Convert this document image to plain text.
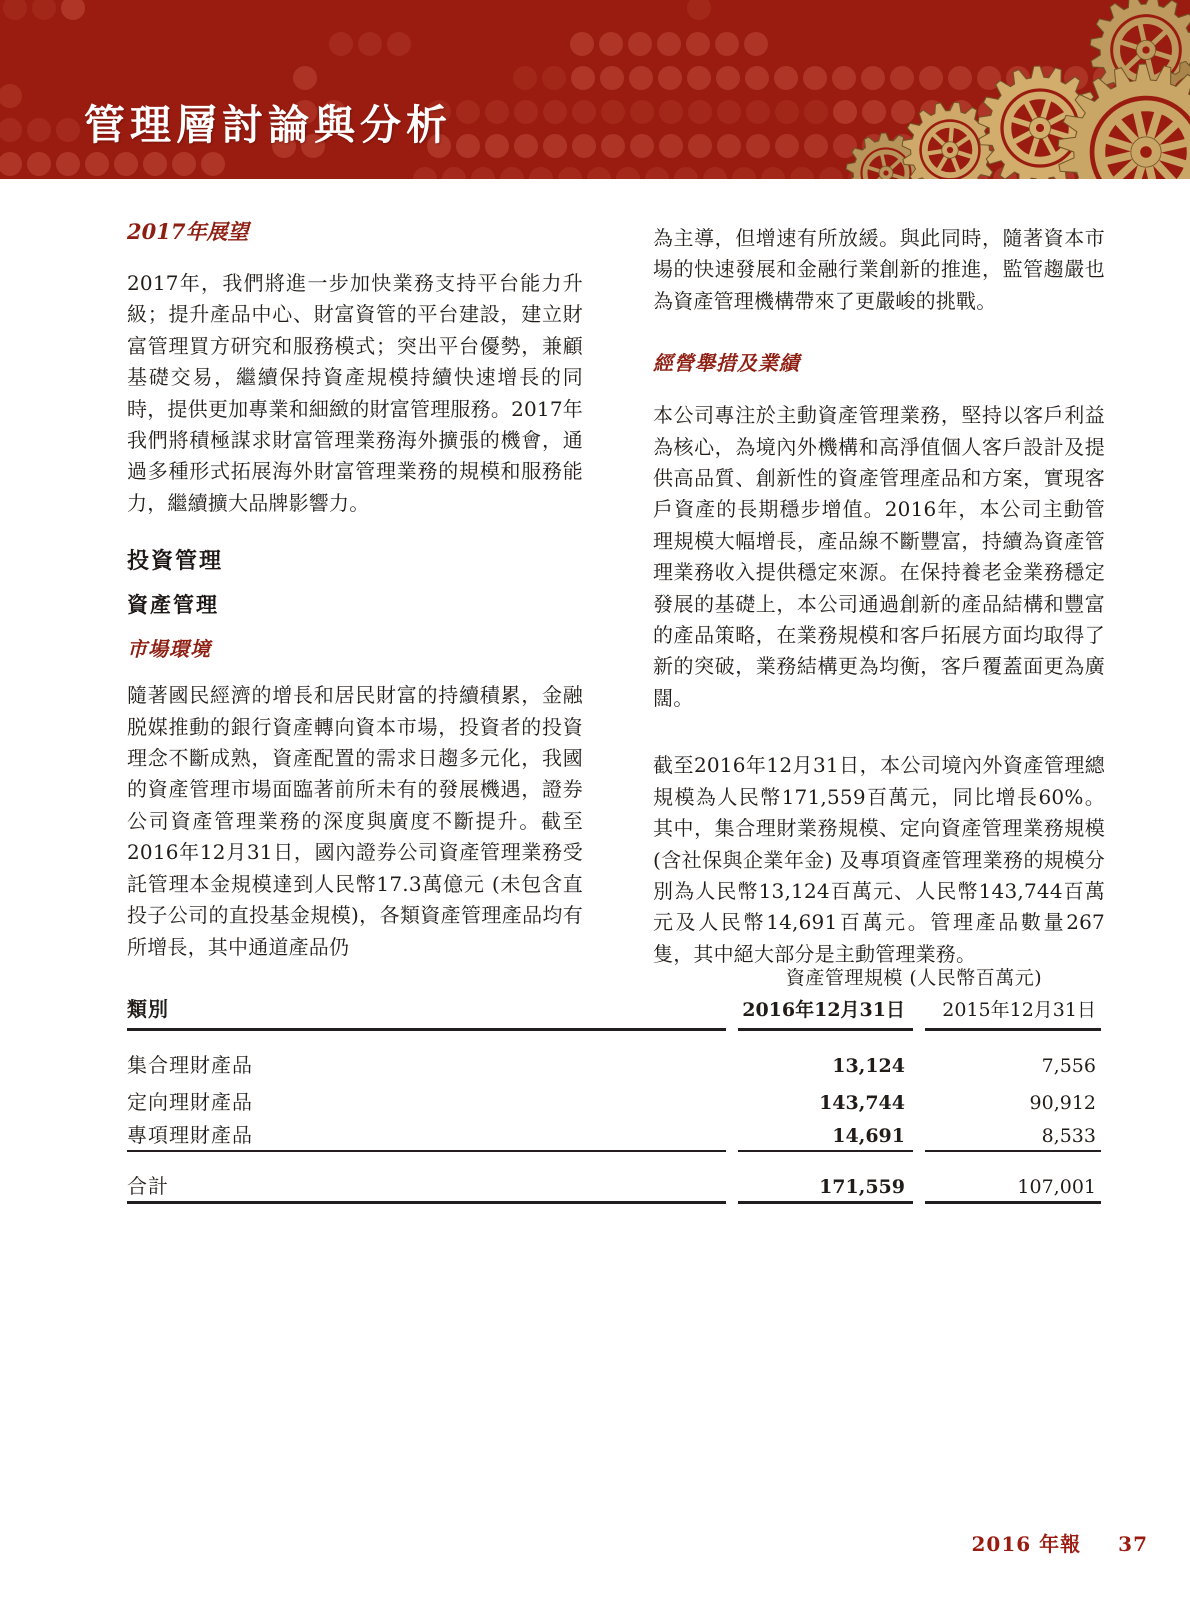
管理層討論與分析
2017年展望

2017年，我們將進一步加快業務支持平台能力升級；提升產品中心、財富資管的平台建設，建立財富管理買方研究和服務模式；突出平台優勢，兼顧基礎交易，繼續保持資產規模持續快速增長的同時，提供更加專業和細緻的財富管理服務。2017年我們將積極謀求財富管理業務海外擴張的機會，通過多種形式拓展海外財富管理業務的規模和服務能力，繼續擴大品牌影響力。

投資管理
資產管理
市場環境

隨著國民經濟的增長和居民財富的持續積累，金融脱媒推動的銀行資產轉向資本市場，投資者的投資理念不斷成熟，資產配置的需求日趨多元化，我國的資產管理市場面臨著前所未有的發展機遇，證券公司資產管理業務的深度與廣度不斷提升。截至2016年12月31日，國內證券公司資產管理業務受託管理本金規模達到人民幣17.3萬億元 (未包含直投子公司的直投基金規模)，各類資產管理產品均有所增長，其中通道產品仍

為主導，但增速有所放緩。與此同時，隨著資本市場的快速發展和金融行業創新的推進，監管趨嚴也為資產管理機構帶來了更嚴峻的挑戰。

經營舉措及業績

本公司專注於主動資產管理業務，堅持以客戶利益為核心，為境內外機構和高淨值個人客戶設計及提供高品質、創新性的資產管理產品和方案，實現客戶資產的長期穩步增值。2016年，本公司主動管理規模大幅增長，產品線不斷豐富，持續為資產管理業務收入提供穩定來源。在保持養老金業務穩定發展的基礎上，本公司通過創新的產品結構和豐富的產品策略，在業務規模和客戶拓展方面均取得了新的突破，業務結構更為均衡，客戶覆蓋面更為廣闊。

截至2016年12月31日，本公司境內外資產管理總規模為人民幣171,559百萬元，同比增長60%。其中，集合理財業務規模、定向資產管理業務規模 (含社保與企業年金) 及專項資產管理業務的規模分別為人民幣13,124百萬元、人民幣143,744百萬元及人民幣14,691百萬元。管理產品數量267隻，其中絕大部分是主動管理業務。

資產管理規模 (人民幣百萬元)
類別	2016年12月31日	2015年12月31日
集合理財產品	13,124	7,556
定向理財產品	143,744	90,912
專項理財產品	14,691	8,533
合計	171,559	107,001
2016 年報 37
